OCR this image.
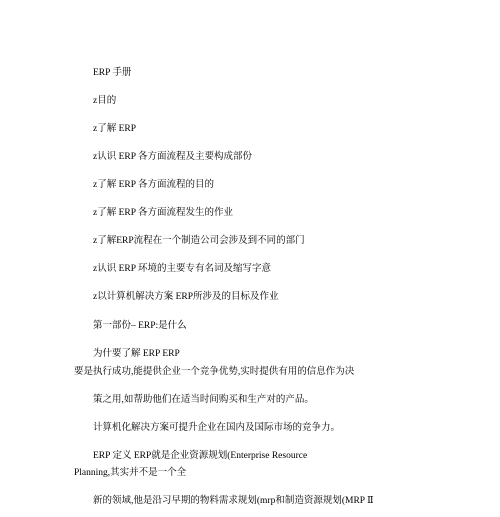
ERP 手册
z目的
z了解 ERP
z认识 ERP 各方面流程及主要构成部份
z了解 ERP 各方面流程的目的
z了解 ERP 各方面流程发生的作业
z了解ERP流程在一个制造公司会涉及到不同的部门
z认识 ERP 环境的主要专有名词及缩写字意
z以计算机解决方案 ERP所涉及的目标及作业
第一部份– ERP:是什么
为什要了解 ERP ERP
要是执行成功,能提供企业一个竞争优势,实时提供有用的信息作为决
策之用,如帮助他们在适当时间购买和生产对的产品。
计算机化解决方案可提升企业在国内及国际市场的竞争力。
ERP 定义 ERP就是企业资源规划(Enterprise Resource
Planning,其实并不是一个全
新的领域,他是沿习早期的物料需求规划(mrp和制造资源规划(MRP Ⅱ
